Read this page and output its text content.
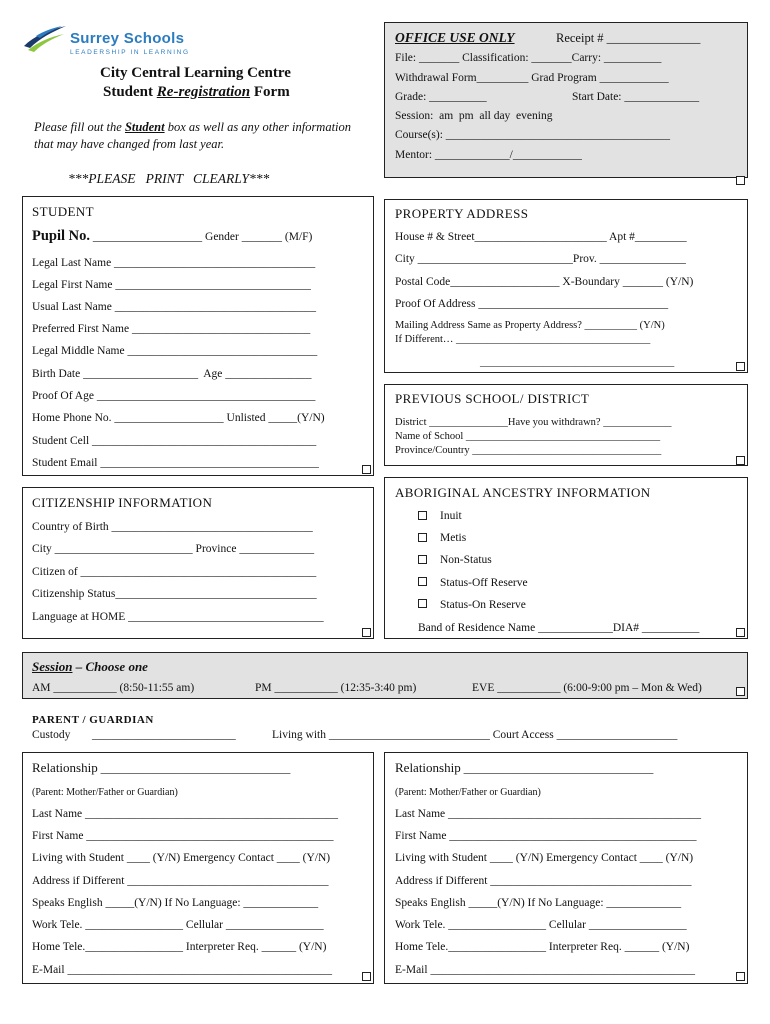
Surrey Schools
LEADERSHIP IN LEARNING
City Central Learning Centre
Student Re-registration Form
Please fill out the Student box as well as any other information
that may have changed from last year.
***PLEASE   PRINT   CLEARLY***
OFFICE USE ONLY	Receipt # _______________
File: _______ Classification: _______Carry: __________
Withdrawal Form_________ Grad Program ____________
Grade: __________	Start Date: _____________
Session:  am  pm  all day  evening
Course(s): _______________________________________
Mentor: _____________/____________
STUDENT
Pupil No. ___________________ Gender _______ (M/F)
Legal Last Name ___________________________________
Legal First Name __________________________________
Usual Last Name ___________________________________
Preferred First Name _______________________________
Legal Middle Name _________________________________
Birth Date ____________________  Age _______________
Proof Of Age ______________________________________
Home Phone No. ___________________ Unlisted _____(Y/N)
Student Cell _______________________________________
Student Email ______________________________________
PROPERTY ADDRESS
House # & Street_______________________ Apt #_________
City ___________________________Prov. _______________
Postal Code___________________ X-Boundary _______ (Y/N)
Proof Of Address _________________________________
Mailing Address Same as Property Address? __________ (Y/N)
If Different… _____________________________________
_____________________________________
PREVIOUS SCHOOL/ DISTRICT
District _______________Have you withdrawn? _____________
Name of School _____________________________________
Province/Country ____________________________________
CITIZENSHIP INFORMATION
Country of Birth ___________________________________
City ________________________ Province _____________
Citizen of _________________________________________
Citizenship Status___________________________________
Language at HOME __________________________________
ABORIGINAL ANCESTRY INFORMATION
Inuit
Metis
Non-Status
Status-Off Reserve
Status-On Reserve
Band of Residence Name _____________DIA# __________
Session – Choose one
AM ___________ (8:50-11:55 am)	PM ___________ (12:35-3:40 pm)	EVE ___________ (6:00-9:00 pm – Mon & Wed)
PARENT / GUARDIAN
Custody _________________________	Living with ____________________________ Court Access _____________________
Relationship _________________________________
(Parent: Mother/Father or Guardian)
Last Name ____________________________________________
First Name ___________________________________________
Living with Student ____ (Y/N) Emergency Contact ____ (Y/N)
Address if Different ___________________________________
Speaks English _____(Y/N) If No Language: _____________
Work Tele. _________________ Cellular _________________
Home Tele._________________ Interpreter Req. ______ (Y/N)
E-Mail ______________________________________________
Relationship _________________________________
(Parent: Mother/Father or Guardian)
Last Name ____________________________________________
First Name ___________________________________________
Living with Student ____ (Y/N) Emergency Contact ____ (Y/N)
Address if Different ___________________________________
Speaks English _____(Y/N) If No Language: _____________
Work Tele. _________________ Cellular _________________
Home Tele._________________ Interpreter Req. ______ (Y/N)
E-Mail ______________________________________________
